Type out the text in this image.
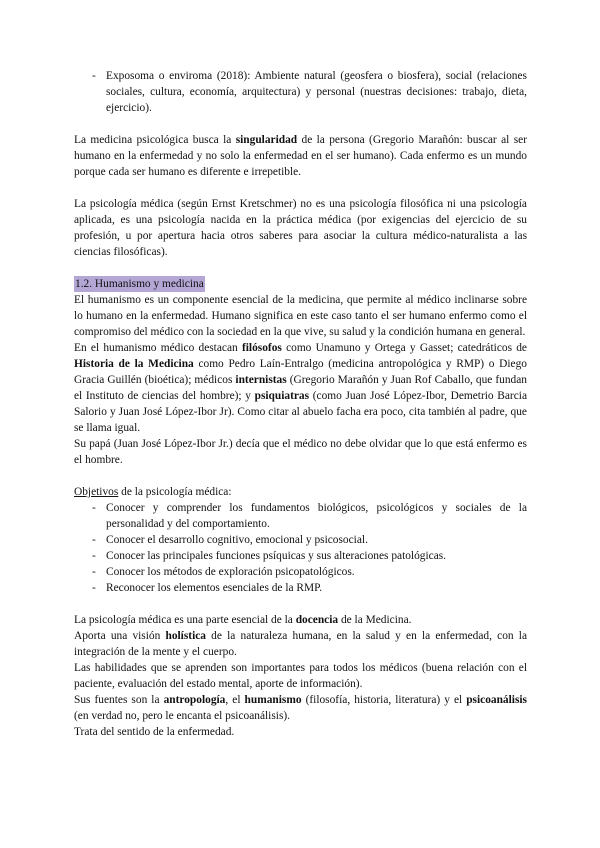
- Exposoma o enviroma (2018): Ambiente natural (geosfera o biosfera), social (relaciones sociales, cultura, economía, arquitectura) y personal (nuestras decisiones: trabajo, dieta, ejercicio).

La medicina psicológica busca la singularidad de la persona (Gregorio Marañón: buscar al ser humano en la enfermedad y no solo la enfermedad en el ser humano). Cada enfermo es un mundo porque cada ser humano es diferente e irrepetible.

La psicología médica (según Ernst Kretschmer) no es una psicología filosófica ni una psicología aplicada, es una psicología nacida en la práctica médica (por exigencias del ejercicio de su profesión, u por apertura hacia otros saberes para asociar la cultura médico-naturalista a las ciencias filosóficas).

1.2. Humanismo y medicina

El humanismo es un componente esencial de la medicina, que permite al médico inclinarse sobre lo humano en la enfermedad. Humano significa en este caso tanto el ser humano enfermo como el compromiso del médico con la sociedad en la que vive, su salud y la condición humana en general.

En el humanismo médico destacan filósofos como Unamuno y Ortega y Gasset; catedráticos de Historia de la Medicina como Pedro Laín-Entralgo (medicina antropológica y RMP) o Diego Gracia Guillén (bioética); médicos internistas (Gregorio Marañón y Juan Rof Caballo, que fundan el Instituto de ciencias del hombre); y psiquiatras (como Juan José López-Ibor, Demetrio Barcia Salorio y Juan José López-Ibor Jr). Como citar al abuelo facha era poco, cita también al padre, que se llama igual.

Su papá (Juan José López-Ibor Jr.) decía que el médico no debe olvidar que lo que está enfermo es el hombre.

Objetivos de la psicología médica:

- Conocer y comprender los fundamentos biológicos, psicológicos y sociales de la personalidad y del comportamiento.
- Conocer el desarrollo cognitivo, emocional y psicosocial.
- Conocer las principales funciones psíquicas y sus alteraciones patológicas.
- Conocer los métodos de exploración psicopatológicos.
- Reconocer los elementos esenciales de la RMP.

La psicología médica es una parte esencial de la docencia de la Medicina.

Aporta una visión holística de la naturaleza humana, en la salud y en la enfermedad, con la integración de la mente y el cuerpo.

Las habilidades que se aprenden son importantes para todos los médicos (buena relación con el paciente, evaluación del estado mental, aporte de información).

Sus fuentes son la antropología, el humanismo (filosofía, historia, literatura) y el psicoanálisis (en verdad no, pero le encanta el psicoanálisis).

Trata del sentido de la enfermedad.
